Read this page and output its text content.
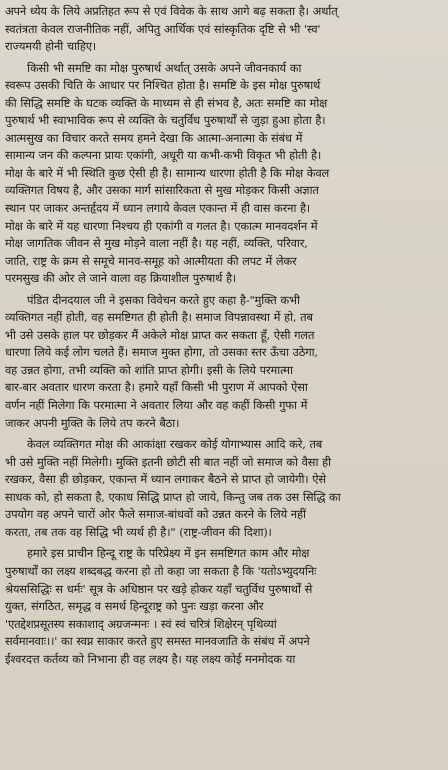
अपने ध्येय के लिये अप्रतिहत रूप से एवं विवेक के साथ आगे बढ़ सकता है। अर्थात्
स्वतंत्रता केवल राजनीतिक नहीं, अपितु आर्थिक एवं सांस्कृतिक दृष्टि से भी 'स्व'
राज्यमयी होनी चाहिए।
किसी भी समष्टि का मोक्ष पुरुषार्थ अर्थात् उसके अपने जीवनकार्य का
स्वरूप उसकी चिति के आधार पर निश्चित होता है। समष्टि के इस मोक्ष पुरुषार्थ
की सिद्धि समष्टि के घटक व्यक्ति के माध्यम से ही संभव है, अतः समष्टि का मोक्ष
पुरुषार्थ भी स्वाभाविक रूप से व्यक्ति के चतुर्विध पुरुषार्थों से जुड़ा हुआ होता है।
आत्मसुख का विचार करते समय हमने देखा कि आत्मा-अनात्मा के संबंध में
सामान्य जन की कल्पना प्रायः एकांगी, अधूरी या कभी-कभी विकृत भी होती है।
मोक्ष के बारे में भी स्थिति कुछ ऐसी ही है। सामान्य धारणा होती है कि मोक्ष केवल
व्यक्तिगत विषय है, और उसका मार्ग सांसारिकता से मुख मोड़कर किसी अज्ञात
स्थान पर जाकर अन्तर्हृदय में ध्यान लगाये केवल एकान्त में ही वास करना है।
मोक्ष के बारे में यह धारणा निश्चय ही एकांगी व गलत है। एकात्म मानवदर्शन में
मोक्ष जागतिक जीवन से मुख मोड़ने वाला नहीं है। यह नहीं, व्यक्ति, परिवार,
जाति, राष्ट्र के क्रम से समूचे मानव-समूह को आत्मीयता की लपट में लेकर
परमसुख की ओर ले जाने वाला वह क्रियाशील पुरुषार्थ है।
पंडित दीनदयाल जी ने इसका विवेचन करते हुए कहा है-"मुक्ति कभी
व्यक्तिगत नहीं होती, वह समष्टिगत ही होती है। समाज विपन्नावस्था में हो, तब
भी उसे उसके हाल पर छोड़कर मैं अकेले मोक्ष प्राप्त कर सकता हूँ, ऐसी गलत
धारणा लिये कई लोग चलते हैं। समाज मुक्त होगा, तो उसका स्तर ऊँचा उठेगा,
वह उन्नत होगा, तभी व्यक्ति को शांति प्राप्त होगी। इसी के लिये परमात्मा
बार-बार अवतार धारण करता है। हमारे यहाँ किसी भी पुराण में आपको ऐसा
वर्णन नहीं मिलेगा कि परमात्मा ने अवतार लिया और वह कहीं किसी गुफा में
जाकर अपनी मुक्ति के लिये तप करने बैठा।
केवल व्यक्तिगत मोक्ष की आकांक्षा रखकर कोई योगाभ्यास आदि करे, तब
भी उसे मुक्ति नहीं मिलेगी। मुक्ति इतनी छोटी सी बात नहीं जो समाज को वैसा ही
रखकर, वैसा ही छोड़कर, एकान्त में ध्यान लगाकर बैठने से प्राप्त हो जायेगी। ऐसे
साधक को, हो सकता है, एकाध सिद्धि प्राप्त हो जाये, किन्तु जब तक उस सिद्धि का
उपयोग वह अपने चारों ओर फैले समाज-बांधवों को उन्नत करने के लिये नहीं
करता, तब तक वह सिद्धि भी व्यर्थ ही है।" (राष्ट्र-जीवन की दिशा)।
हमारे इस प्राचीन हिन्दू राष्ट्र के परिप्रेक्ष्य में इन समष्टिगत काम और मोक्ष
पुरुषार्थों का लक्ष्य शब्दबद्ध करना हो तो कहा जा सकता है कि 'यतोऽभ्युदयनिः
श्रेयससिद्धिः स धर्मः' सूत्र के अधिष्ठान पर खड़े होकर यहाँ चतुर्विध पुरुषार्थों से
युक्त, संगठित, समृद्ध व समर्थ हिन्दूराष्ट्र को पुनः खड़ा करना और
'एतद्देशप्रसूतस्य सकाशाद् अग्रजन्मनः । स्वं स्वं चरित्रं शिक्षेरन् पृथिव्यां
सर्वमानवाः।।' का स्वप्न साकार करते हुए समस्त मानवजाति के संबंध में अपने
ईश्वरदत्त कर्तव्य को निभाना ही वह लक्ष्य है। यह लक्ष्य कोई मनमोदक या
